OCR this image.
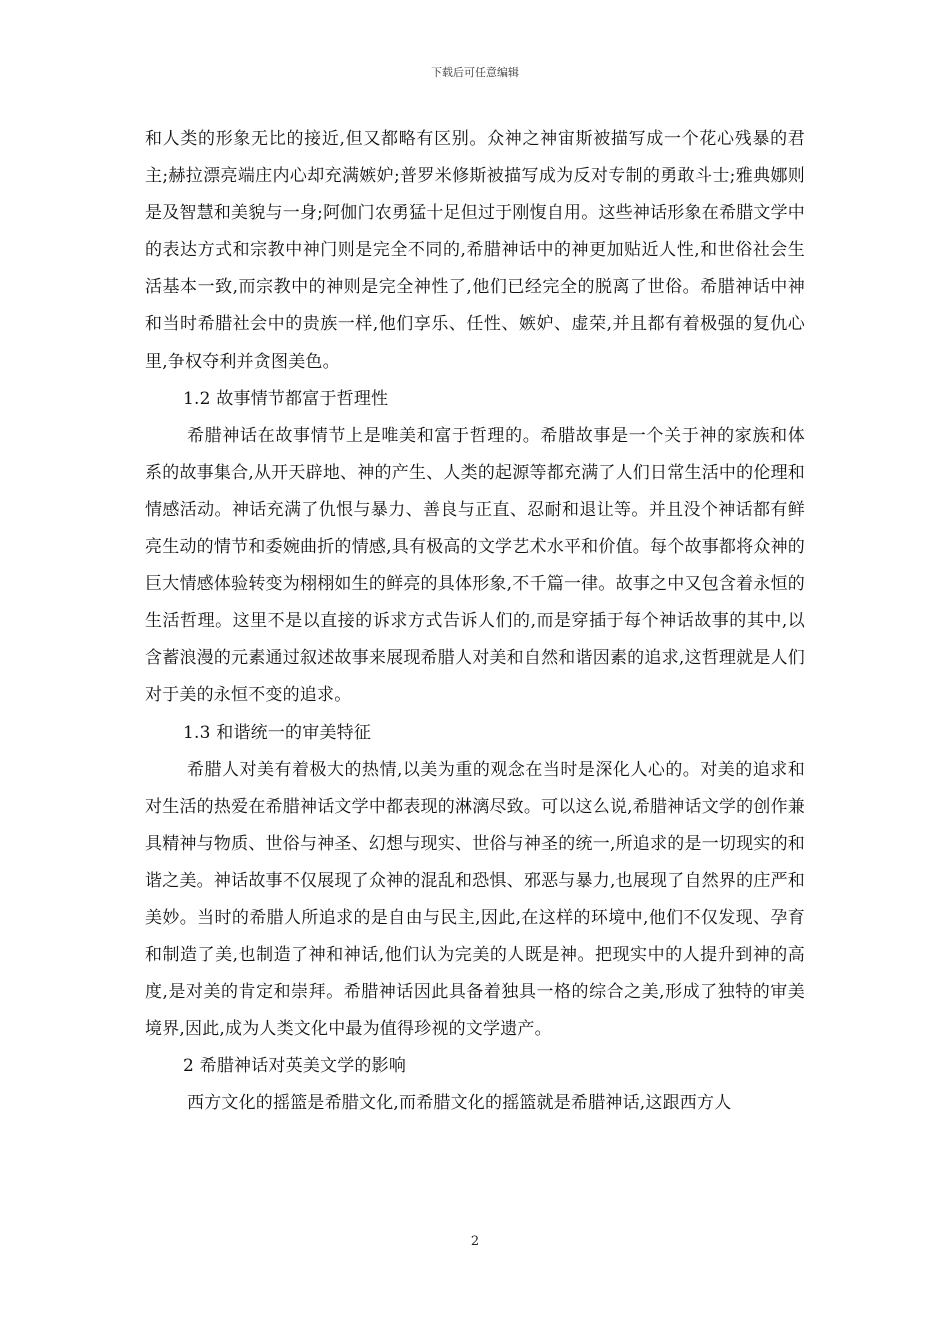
下载后可任意编辑

和人类的形象无比的接近,但又都略有区别。众神之神宙斯被描写成一个花心残暴的君主;赫拉漂亮端庄内心却充满嫉妒;普罗米修斯被描写成为反对专制的勇敢斗士;雅典娜则是及智慧和美貌与一身;阿伽门农勇猛十足但过于刚愎自用。这些神话形象在希腊文学中的表达方式和宗教中神门则是完全不同的,希腊神话中的神更加贴近人性,和世俗社会生活基本一致,而宗教中的神则是完全神性了,他们已经完全的脱离了世俗。希腊神话中神和当时希腊社会中的贵族一样,他们享乐、任性、嫉妒、虚荣,并且都有着极强的复仇心里,争权夺利并贪图美色。

1.2 故事情节都富于哲理性

希腊神话在故事情节上是唯美和富于哲理的。希腊故事是一个关于神的家族和体系的故事集合,从开天辟地、神的产生、人类的起源等都充满了人们日常生活中的伦理和情感活动。神话充满了仇恨与暴力、善良与正直、忍耐和退让等。并且没个神话都有鲜亮生动的情节和委婉曲折的情感,具有极高的文学艺术水平和价值。每个故事都将众神的巨大情感体验转变为栩栩如生的鲜亮的具体形象,不千篇一律。故事之中又包含着永恒的生活哲理。这里不是以直接的诉求方式告诉人们的,而是穿插于每个神话故事的其中,以含蓄浪漫的元素通过叙述故事来展现希腊人对美和自然和谐因素的追求,这哲理就是人们对于美的永恒不变的追求。

1.3 和谐统一的审美特征

希腊人对美有着极大的热情,以美为重的观念在当时是深化人心的。对美的追求和对生活的热爱在希腊神话文学中都表现的淋漓尽致。可以这么说,希腊神话文学的创作兼具精神与物质、世俗与神圣、幻想与现实、世俗与神圣的统一,所追求的是一切现实的和谐之美。神话故事不仅展现了众神的混乱和恐惧、邪恶与暴力,也展现了自然界的庄严和美妙。当时的希腊人所追求的是自由与民主,因此,在这样的环境中,他们不仅发现、孕育和制造了美,也制造了神和神话,他们认为完美的人既是神。把现实中的人提升到神的高度,是对美的肯定和崇拜。希腊神话因此具备着独具一格的综合之美,形成了独特的审美境界,因此,成为人类文化中最为值得珍视的文学遗产。

2 希腊神话对英美文学的影响

西方文化的摇篮是希腊文化,而希腊文化的摇篮就是希腊神话,这跟西方人

2
